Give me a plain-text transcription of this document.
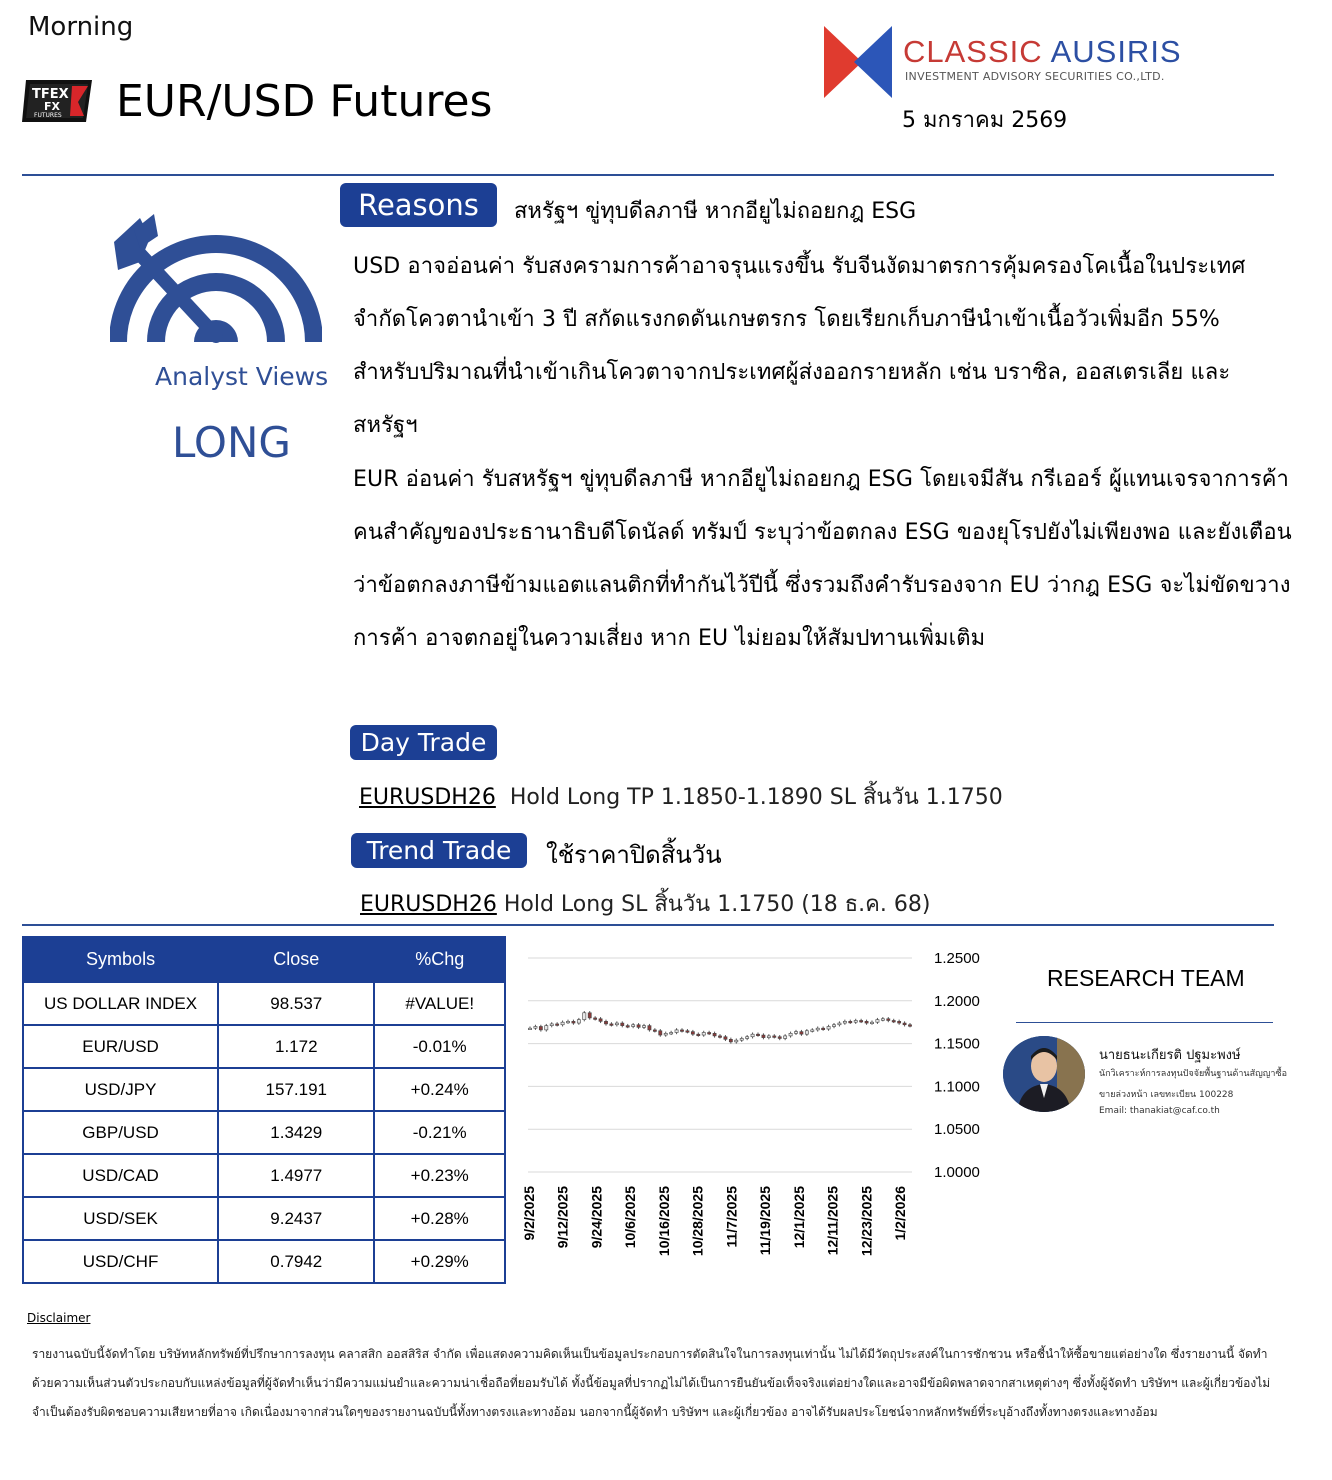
Morning
TFEX
FX
FUTURES EUR/USD Futures
CLASSIC AUSIRIS
INVESTMENT ADVISORY SECURITIES CO.,LTD.
5 มกราคม 2569
Analyst Views
LONG
Reasons	สหรัฐฯ ขู่ทุบดีลภาษี หากอียูไม่ถอยกฎ ESG
USD อาจอ่อนค่า รับสงครามการค้าอาจรุนแรงขึ้น รับจีนงัดมาตรการคุ้มครองโคเนื้อในประเทศ จำกัดโควตานำเข้า 3 ปี สกัดแรงกดดันเกษตรกร โดยเรียกเก็บภาษีนำเข้าเนื้อวัวเพิ่มอีก 55% สำหรับปริมาณที่นำเข้าเกินโควตาจากประเทศผู้ส่งออกรายหลัก เช่น บราซิล, ออสเตรเลีย และสหรัฐฯ
EUR อ่อนค่า รับสหรัฐฯ ขู่ทุบดีลภาษี หากอียูไม่ถอยกฎ ESG โดยเจมีสัน กรีเออร์ ผู้แทนเจรจาการค้าคนสำคัญของประธานาธิบดีโดนัลด์ ทรัมป์ ระบุว่าข้อตกลง ESG ของยุโรปยังไม่เพียงพอ และยังเตือนว่าข้อตกลงภาษีข้ามแอตแลนติกที่ทำกันไว้ปีนี้ ซึ่งรวมถึงคำรับรองจาก EU ว่ากฎ ESG จะไม่ขัดขวางการค้า อาจตกอยู่ในความเสี่ยง หาก EU ไม่ยอมให้สัมปทานเพิ่มเติม
Day Trade
EURUSDH26 Hold Long TP 1.1850-1.1890 SL สิ้นวัน 1.1750
Trend Trade	ใช้ราคาปิดสิ้นวัน
EURUSDH26 Hold Long SL สิ้นวัน 1.1750 (18 ธ.ค. 68)
Symbols	Close	%Chg
US DOLLAR INDEX	98.537	#VALUE!
EUR/USD	1.172	-0.01%
USD/JPY	157.191	+0.24%
GBP/USD	1.3429	-0.21%
USD/CAD	1.4977	+0.23%
USD/SEK	9.2437	+0.28%
USD/CHF	0.7942	+0.29%
1.2500
1.2000
1.1500
1.1000
1.0500
1.0000
9/2/2025 9/12/2025 9/24/2025 10/6/2025 10/16/2025 10/28/2025 11/7/2025 11/19/2025 12/1/2025 12/11/2025 12/23/2025 1/2/2026
RESEARCH TEAM
นายธนะเกียรติ ปฐมะพงษ์
นักวิเคราะห์การลงทุนปัจจัยพื้นฐานด้านสัญญาซื้อ
ขายล่วงหน้า เลขทะเบียน 100228
Email: thanakiat@caf.co.th
Disclaimer
รายงานฉบับนี้จัดทำโดย บริษัทหลักทรัพย์ที่ปรึกษาการลงทุน คลาสสิก ออสสิริส จำกัด เพื่อแสดงความคิดเห็นเป็นข้อมูลประกอบการตัดสินใจในการลงทุนเท่านั้น ไม่ได้มีวัตถุประสงค์ในการชักชวน หรือชี้นำให้ซื้อขายแต่อย่างใด ซึ่งรายงานนี้ จัดทำด้วยความเห็นส่วนตัวประกอบกับแหล่งข้อมูลที่ผู้จัดทำเห็นว่ามีความแม่นยำและความน่าเชื่อถือที่ยอมรับได้ ทั้งนี้ข้อมูลที่ปรากฏไม่ได้เป็นการยืนยันข้อเท็จจริงแต่อย่างใดและอาจมีข้อผิดพลาดจากสาเหตุต่างๆ ซึ่งทั้งผู้จัดทำ บริษัทฯ และผู้เกี่ยวข้องไม่จำเป็นต้องรับผิดชอบความเสียหายที่อาจ เกิดเนื่องมาจากส่วนใดๆของรายงานฉบับนี้ทั้งทางตรงและทางอ้อม นอกจากนี้ผู้จัดทำ บริษัทฯ และผู้เกี่ยวข้อง อาจได้รับผลประโยชน์จากหลักทรัพย์ที่ระบุอ้างถึงทั้งทางตรงและทางอ้อม
